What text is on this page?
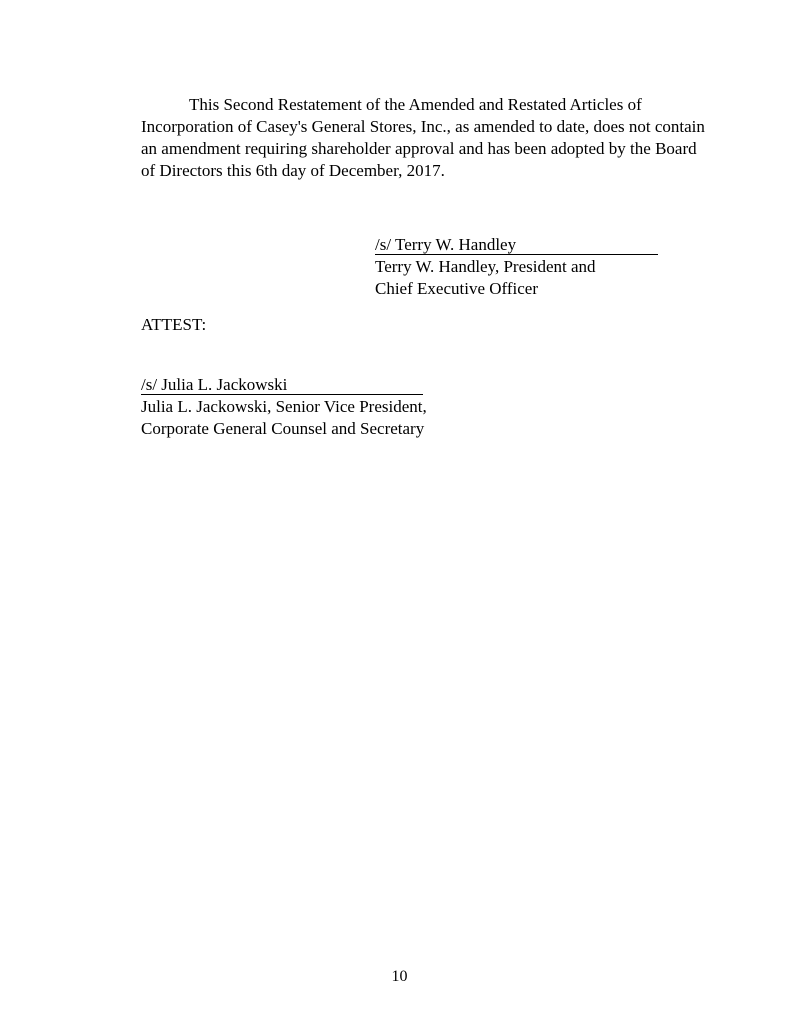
This Second Restatement of the Amended and Restated Articles of
Incorporation of Casey's General Stores, Inc., as amended to date, does not contain
an amendment requiring shareholder approval and has been adopted by the Board
of Directors this 6th day of December, 2017.

/s/ Terry W. Handley
Terry W. Handley, President and
Chief Executive Officer

ATTEST:

/s/ Julia L. Jackowski
Julia L. Jackowski, Senior Vice President,
Corporate General Counsel and Secretary

10
